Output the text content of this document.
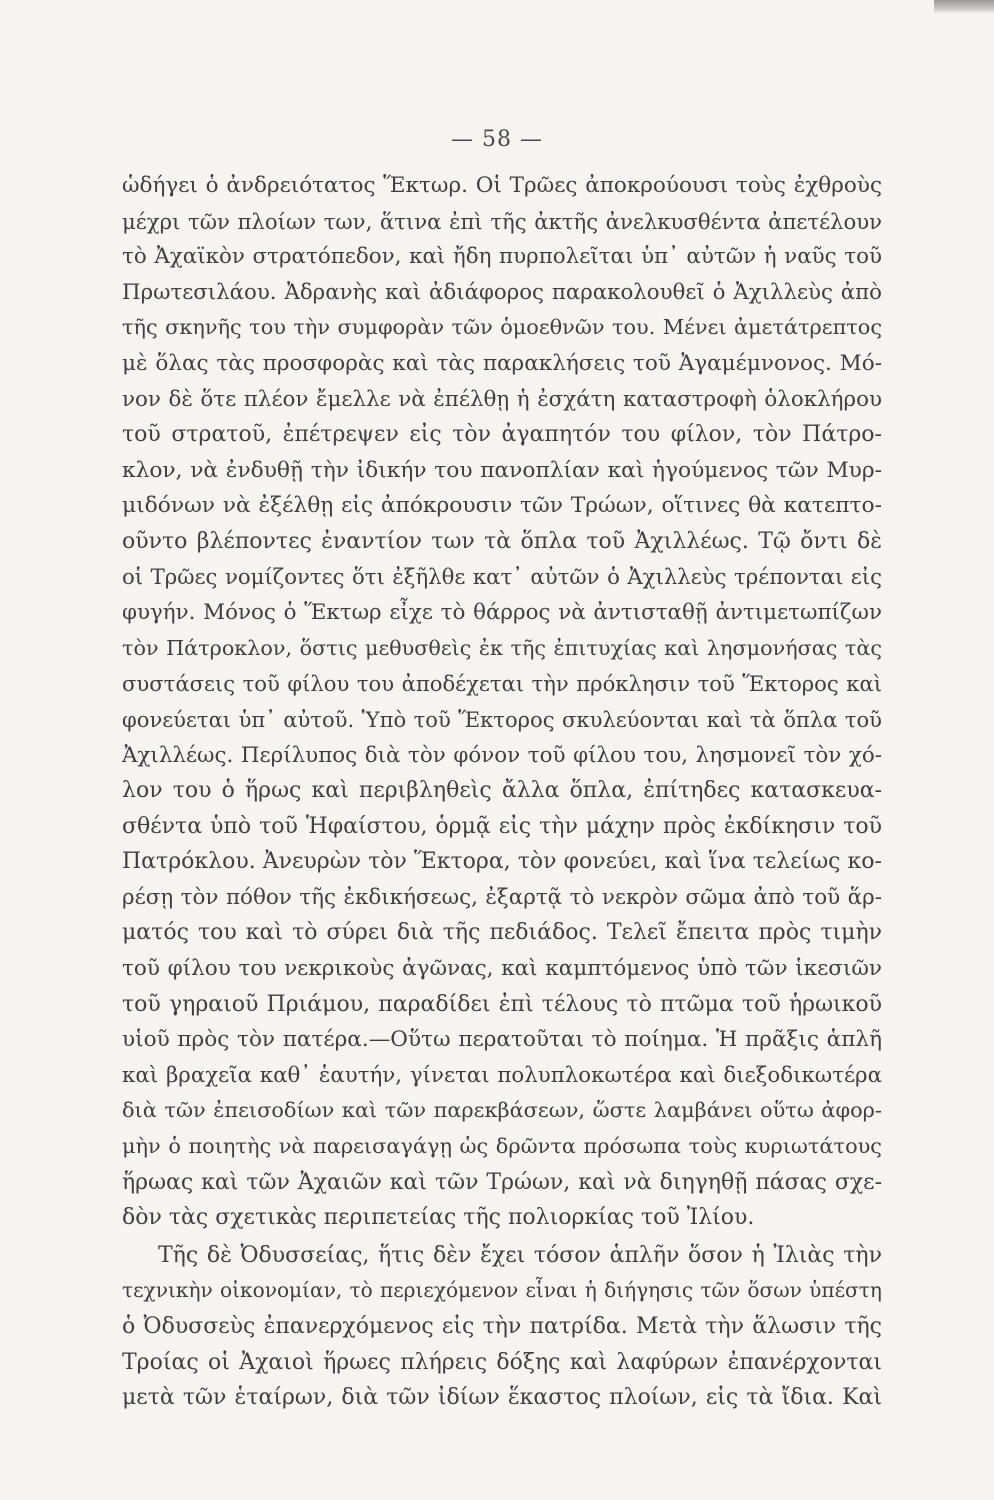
— 58 —
ὡδήγει ὁ ἀνδρειότατος Ἕκτωρ. Οἱ Τρῶες ἀποκρούουσι τοὺς ἐχθροὺς
μέχρι τῶν πλοίων των, ἅτινα ἐπὶ τῆς ἀκτῆς ἀνελκυσθέντα ἀπετέλουν
τὸ Ἀχαϊκὸν στρατόπεδον, καὶ ἤδη πυρπολεῖται ὑπ᾽ αὐτῶν ἡ ναῦς τοῦ
Πρωτεσιλάου. Ἀδρανὴς καὶ ἀδιάφορος παρακολουθεῖ ὁ Ἀχιλλεὺς ἀπὸ
τῆς σκηνῆς του τὴν συμφορὰν τῶν ὁμοεθνῶν του. Μένει ἀμετάτρεπτος
μὲ ὅλας τὰς προσφορὰς καὶ τὰς παρακλήσεις τοῦ Ἀγαμέμνονος. Μό-
νον δὲ ὅτε πλέον ἔμελλε νὰ ἐπέλθῃ ἡ ἐσχάτη καταστροφὴ ὁλοκλήρου
τοῦ στρατοῦ, ἐπέτρεψεν εἰς τὸν ἀγαπητόν του φίλον, τὸν Πάτρο-
κλον, νὰ ἐνδυθῇ τὴν ἰδικήν του πανοπλίαν καὶ ἡγούμενος τῶν Μυρ-
μιδόνων νὰ ἐξέλθῃ εἰς ἀπόκρουσιν τῶν Τρώων, οἵτινες θὰ κατεπτο-
οῦντο βλέποντες ἐναντίον των τὰ ὅπλα τοῦ Ἀχιλλέως. Τῷ ὄντι δὲ
οἱ Τρῶες νομίζοντες ὅτι ἐξῆλθε κατ᾽ αὐτῶν ὁ Ἀχιλλεὺς τρέπονται εἰς
φυγήν. Μόνος ὁ Ἕκτωρ εἶχε τὸ θάρρος νὰ ἀντισταθῇ ἀντιμετωπίζων
τὸν Πάτροκλον, ὅστις μεθυσθεὶς ἐκ τῆς ἐπιτυχίας καὶ λησμονήσας τὰς
συστάσεις τοῦ φίλου του ἀποδέχεται τὴν πρόκλησιν τοῦ Ἕκτορος καὶ
φονεύεται ὑπ᾽ αὐτοῦ. Ὑπὸ τοῦ Ἕκτορος σκυλεύονται καὶ τὰ ὅπλα τοῦ
Ἀχιλλέως. Περίλυπος διὰ τὸν φόνον τοῦ φίλου του, λησμονεῖ τὸν χό-
λον του ὁ ἥρως καὶ περιβληθεὶς ἄλλα ὅπλα, ἐπίτηδες κατασκευα-
σθέντα ὑπὸ τοῦ Ἡφαίστου, ὁρμᾷ εἰς τὴν μάχην πρὸς ἐκδίκησιν τοῦ
Πατρόκλου. Ἀνευρὼν τὸν Ἕκτορα, τὸν φονεύει, καὶ ἵνα τελείως κο-
ρέσῃ τὸν πόθον τῆς ἐκδικήσεως, ἐξαρτᾷ τὸ νεκρὸν σῶμα ἀπὸ τοῦ ἅρ-
ματός του καὶ τὸ σύρει διὰ τῆς πεδιάδος. Τελεῖ ἔπειτα πρὸς τιμὴν
τοῦ φίλου του νεκρικοὺς ἀγῶνας, καὶ καμπτόμενος ὑπὸ τῶν ἱκεσιῶν
τοῦ γηραιοῦ Πριάμου, παραδίδει ἐπὶ τέλους τὸ πτῶμα τοῦ ἡρωικοῦ
υἱοῦ πρὸς τὸν πατέρα.—Οὕτω περατοῦται τὸ ποίημα. Ἡ πρᾶξις ἁπλῆ
καὶ βραχεῖα καθ᾽ ἑαυτήν, γίνεται πολυπλοκωτέρα καὶ διεξοδικωτέρα
διὰ τῶν ἐπεισοδίων καὶ τῶν παρεκβάσεων, ὥστε λαμβάνει οὕτω ἀφορ-
μὴν ὁ ποιητὴς νὰ παρεισαγάγῃ ὡς δρῶντα πρόσωπα τοὺς κυριωτάτους
ἥρωας καὶ τῶν Ἀχαιῶν καὶ τῶν Τρώων, καὶ νὰ διηγηθῇ πάσας σχε-
δὸν τὰς σχετικὰς περιπετείας τῆς πολιορκίας τοῦ Ἰλίου.
Τῆς δὲ Ὀδυσσείας, ἥτις δὲν ἔχει τόσον ἁπλῆν ὅσον ἡ Ἰλιὰς τὴν
τεχνικὴν οἰκονομίαν, τὸ περιεχόμενον εἶναι ἡ διήγησις τῶν ὅσων ὑπέστη
ὁ Ὀδυσσεὺς ἐπανερχόμενος εἰς τὴν πατρίδα. Μετὰ τὴν ἅλωσιν τῆς
Τροίας οἱ Ἀχαιοὶ ἥρωες πλήρεις δόξης καὶ λαφύρων ἐπανέρχονται
μετὰ τῶν ἑταίρων, διὰ τῶν ἰδίων ἕκαστος πλοίων, εἰς τὰ ἴδια. Καὶ
